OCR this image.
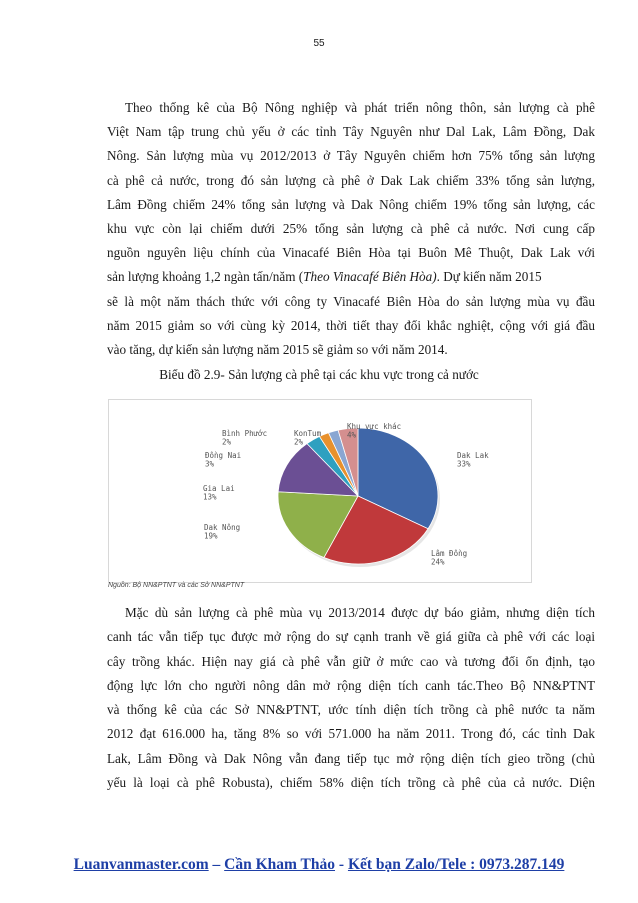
55
Theo thống kê của Bộ Nông nghiệp và phát triển nông thôn, sản lượng cà phê
Việt Nam tập trung chủ yếu ở các tỉnh Tây Nguyên như Dal Lak, Lâm Đồng, Dak
Nông. Sản lượng mùa vụ 2012/2013 ở Tây Nguyên chiếm hơn 75% tổng sản lượng
cà phê cả nước, trong đó sản lượng cà phê ở Dak Lak chiếm 33% tổng sản lượng,
Lâm Đồng chiếm 24% tổng sản lượng và Dak Nông chiếm 19% tổng sản lượng, các
khu vực còn lại chiếm dưới 25% tổng sản lượng cà phê cả nước. Nơi cung cấp
nguồn nguyên liệu chính của Vinacafé Biên Hòa tại Buôn Mê Thuột, Dak Lak với
sản lượng khoảng 1,2 ngàn tấn/năm (Theo Vinacafé Biên Hòa). Dự kiến năm 2015
sẽ là một năm thách thức với công ty Vinacafé Biên Hòa do sản lượng mùa vụ đầu
năm 2015 giảm so với cùng kỳ 2014, thời tiết thay đổi khắc nghiệt, cộng với giá đầu
vào tăng, dự kiến sản lượng năm 2015 sẽ giảm so với năm 2014.
Biểu đồ 2.9- Sản lượng cà phê tại các khu vực trong cả nước
Dak Lak 33%
Lâm Đồng 24%
Dak Nông 19%
Gia Lai 13%
Đồng Nai 3%
Bình Phước 2%
KonTum 2%
Khu vực khác 4%
Nguồn: Bộ NN&PTNT và các Sở NN&PTNT
Mặc dù sản lượng cà phê mùa vụ 2013/2014 được dự báo giảm, nhưng diện tích
canh tác vẫn tiếp tục được mở rộng do sự cạnh tranh về giá giữa cà phê với các loại
cây trồng khác. Hiện nay giá cà phê vẫn giữ ở mức cao và tương đối ổn định, tạo
động lực lớn cho người nông dân mở rộng diện tích canh tác.Theo Bộ NN&PTNT
và thống kê của các Sở NN&PTNT, ước tính diện tích trồng cà phê nước ta năm
2012 đạt 616.000 ha, tăng 8% so với 571.000 ha năm 2011. Trong đó, các tỉnh Dak
Lak, Lâm Đồng và Dak Nông vẫn đang tiếp tục mở rộng diện tích gieo trồng (chủ
yếu là loại cà phê Robusta), chiếm 58% diện tích trồng cà phê của cả nước. Diện
Luanvanmaster.com – Cần Kham Thảo - Kết bạn Zalo/Tele : 0973.287.149
